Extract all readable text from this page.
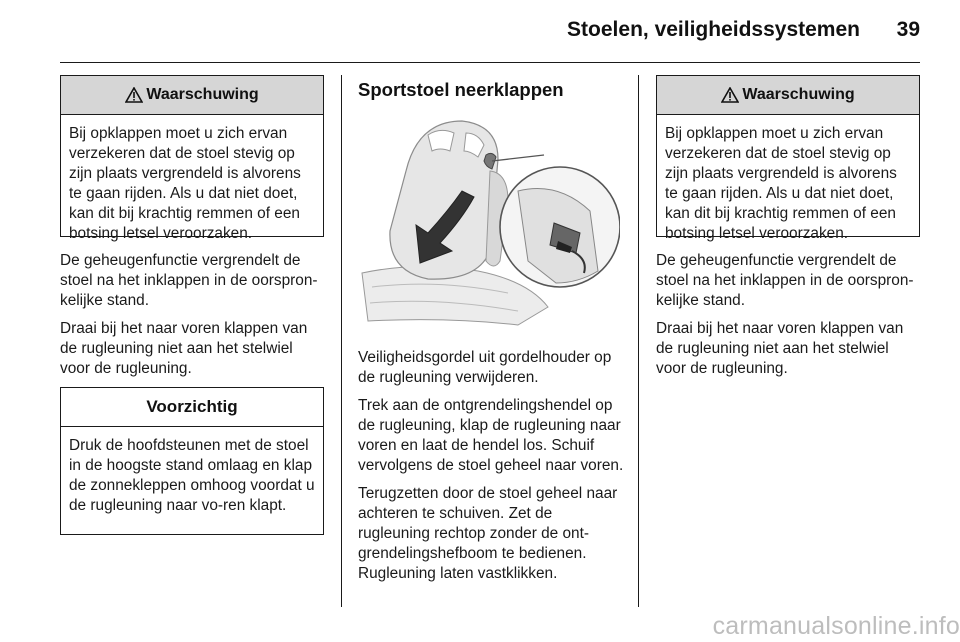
Stoelen, veiligheidssystemen	39
Waarschuwing
Bij opklappen moet u zich ervan verzekeren dat de stoel stevig op zijn plaats vergrendeld is alvorens te gaan rijden. Als u dat niet doet, kan dit bij krachtig remmen of een botsing letsel veroorzaken.

De geheugenfunctie vergrendelt de stoel na het inklappen in de oorspron-kelijke stand.

Draai bij het naar voren klappen van de rugleuning niet aan het stelwiel voor de rugleuning.

Voorzichtig
Druk de hoofdsteunen met de stoel in de hoogste stand omlaag en klap de zonnekleppen omhoog voordat u de rugleuning naar vo-ren klapt.
Sportstoel neerklappen

Veiligheidsgordel uit gordelhouder op de rugleuning verwijderen.

Trek aan de ontgrendelingshendel op de rugleuning, klap de rugleuning naar voren en laat de hendel los. Schuif vervolgens de stoel geheel naar voren.

Terugzetten door de stoel geheel naar achteren te schuiven. Zet de rugleuning rechtop zonder de ont-grendelingshefboom te bedienen. Rugleuning laten vastklikken.

Waarschuwing
Bij opklappen moet u zich ervan verzekeren dat de stoel stevig op zijn plaats vergrendeld is alvorens te gaan rijden. Als u dat niet doet, kan dit bij krachtig remmen of een botsing letsel veroorzaken.

De geheugenfunctie vergrendelt de stoel na het inklappen in de oorspron-kelijke stand.

Draai bij het naar voren klappen van de rugleuning niet aan het stelwiel voor de rugleuning.

carmanualsonline.info
